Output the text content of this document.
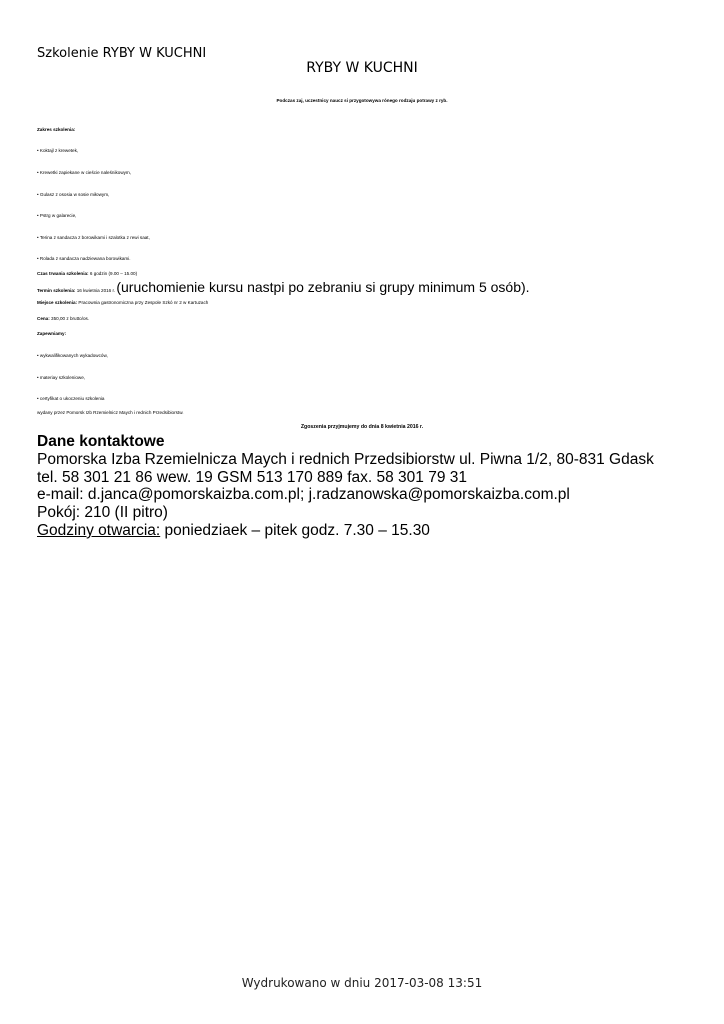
Szkolenie RYBY W KUCHNI
RYBY W KUCHNI
Podczas zaj, uczestnicy naucz si przygotowywa rónego rodzaju potrawy z ryb.
Zakres szkolenia:
• Koktajl z krewetek,
• Krewetki zapiekane w cieście naleśnikowym,
• Gulasz z ososia w sosie miłowym,
• Pstrg w galarecie,
• Terina z sandacza z borowikami i szalotka z rewi saat,
• Rolada z sandacza nadziewana borowikami.
Czas trwania szkolenia: 6 godzin (9.00 – 15.00)
Termin szkolenia: 16 kwietnia 2016 r. (uruchomienie kursu nastpi po zebraniu si grupy minimum 5 osób).
Miejsce szkolenia: Pracownia gastronomiczna przy Zespole Szkó nr 2 w Kartuzach
Cena: 350,00 z brutto/os.
Zapewniamy:
• wykwalifikowanych wykadowców,
• materiay szkoleniowe,
• certyfikat o ukoczeniu szkolenia
wydany przez Pomorsk Izb Rzemielnicz Maych i rednich Przedsibiorstw.
Zgoszenia przyjmujemy do dnia 8 kwietnia 2016 r.
Dane kontaktowe
Pomorska Izba Rzemielnicza Maych i rednich Przedsibiorstw ul. Piwna 1/2, 80-831 Gdask
tel. 58 301 21 86 wew. 19 GSM 513 170 889 fax. 58 301 79 31
e-mail: d.janca@pomorskaizba.com.pl; j.radzanowska@pomorskaizba.com.pl
Pokój: 210 (II pitro)
Godziny otwarcia: poniedziaek – pitek godz. 7.30 – 15.30
Wydrukowano w dniu 2017-03-08 13:51
